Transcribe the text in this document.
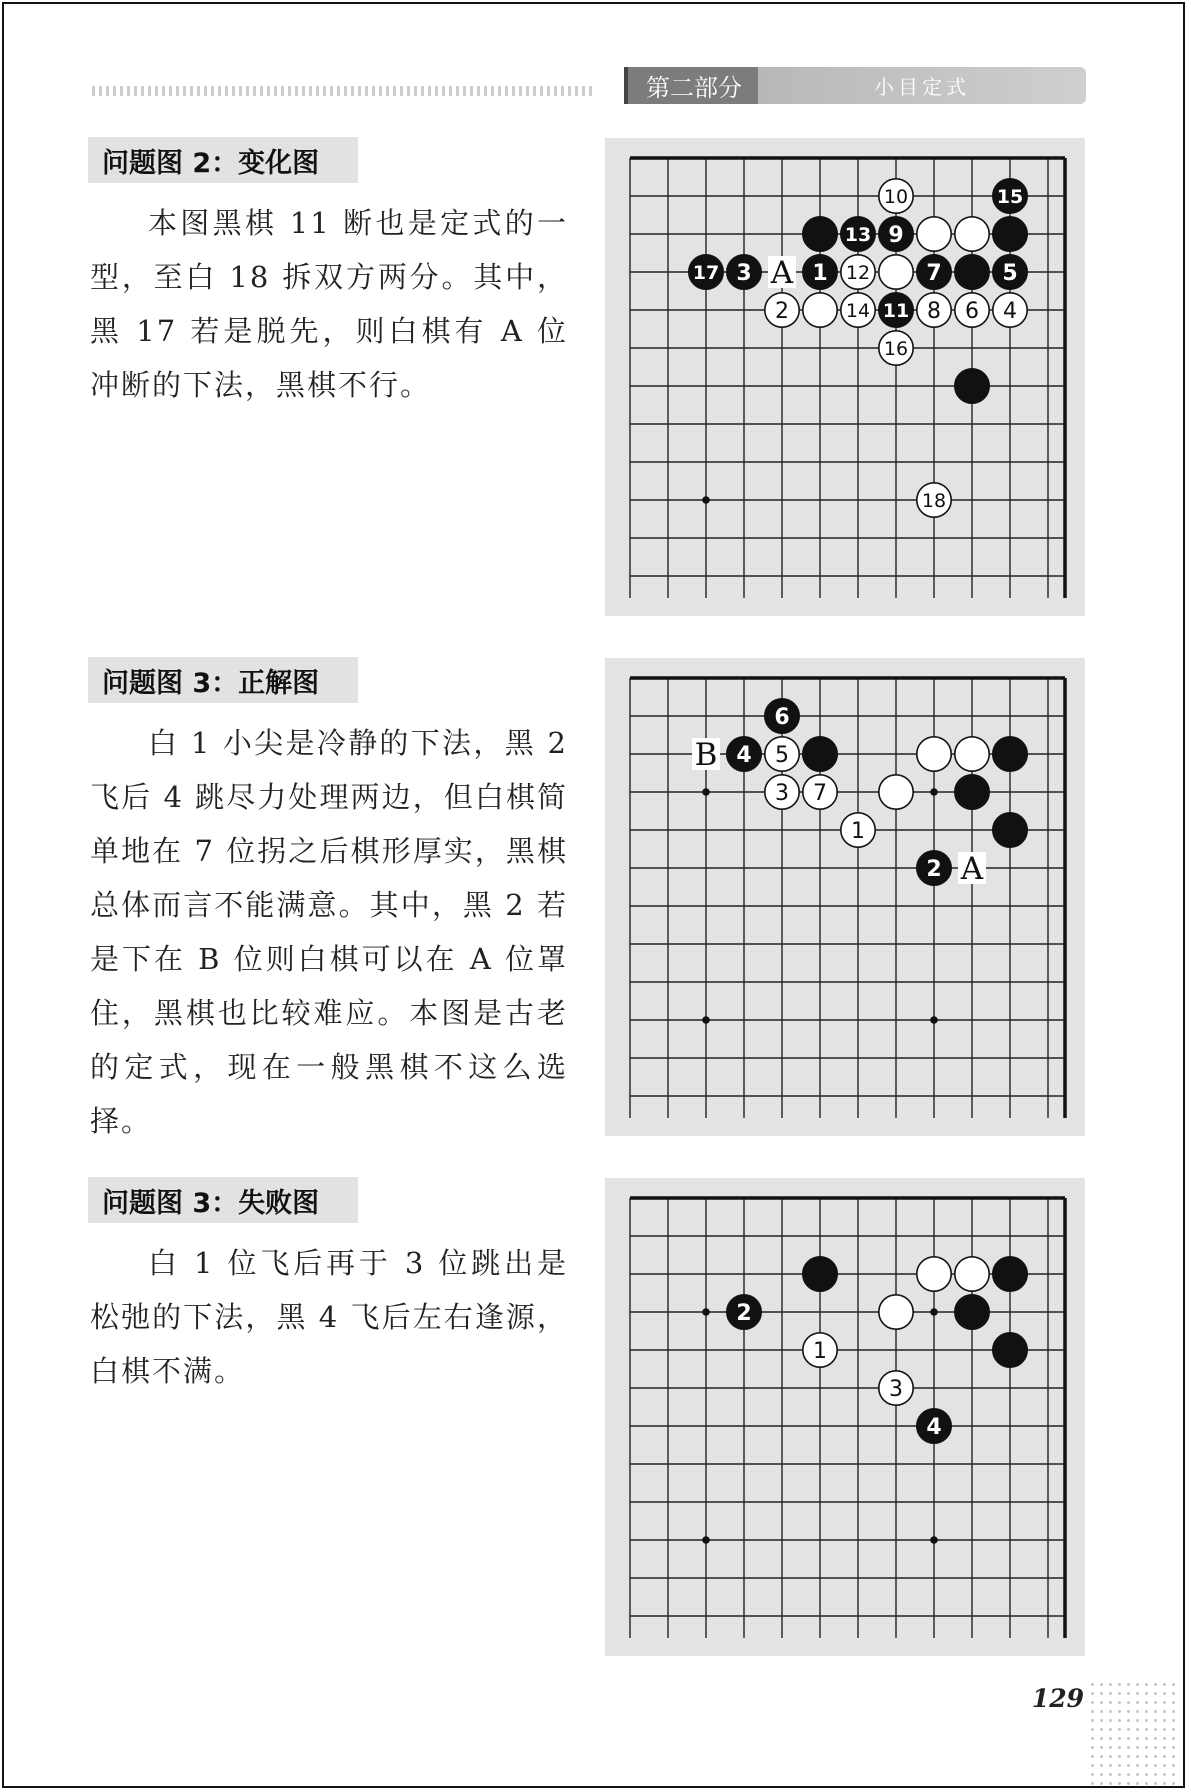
第二部分	小目定式
问题图 2：变化图

本图黑棋 11 断也是定式的一型，至白 18 拆双方两分。其中，黑 17 若是脱先，则白棋有 A 位冲断的下法，黑棋不行。

A
10	15
13 9
17 3	1 12	7	5
2	14 11 8 6 4
16
18
问题图 3：正解图

白 1 小尖是冷静的下法，黑 2 飞后 4 跳尽力处理两边，但白棋简单地在 7 位拐之后棋形厚实，黑棋总体而言不能满意。其中，黑 2 若是下在 B 位则白棋可以在 A 位罩住，黑棋也比较难应。本图是古老的定式，现在一般黑棋不这么选择。

B
A
6
4 5
3 7
1
2
问题图 3：失败图

白 1 位飞后再于 3 位跳出是松弛的下法，黑 4 飞后左右逢源，白棋不满。

2
1
3
4
129
